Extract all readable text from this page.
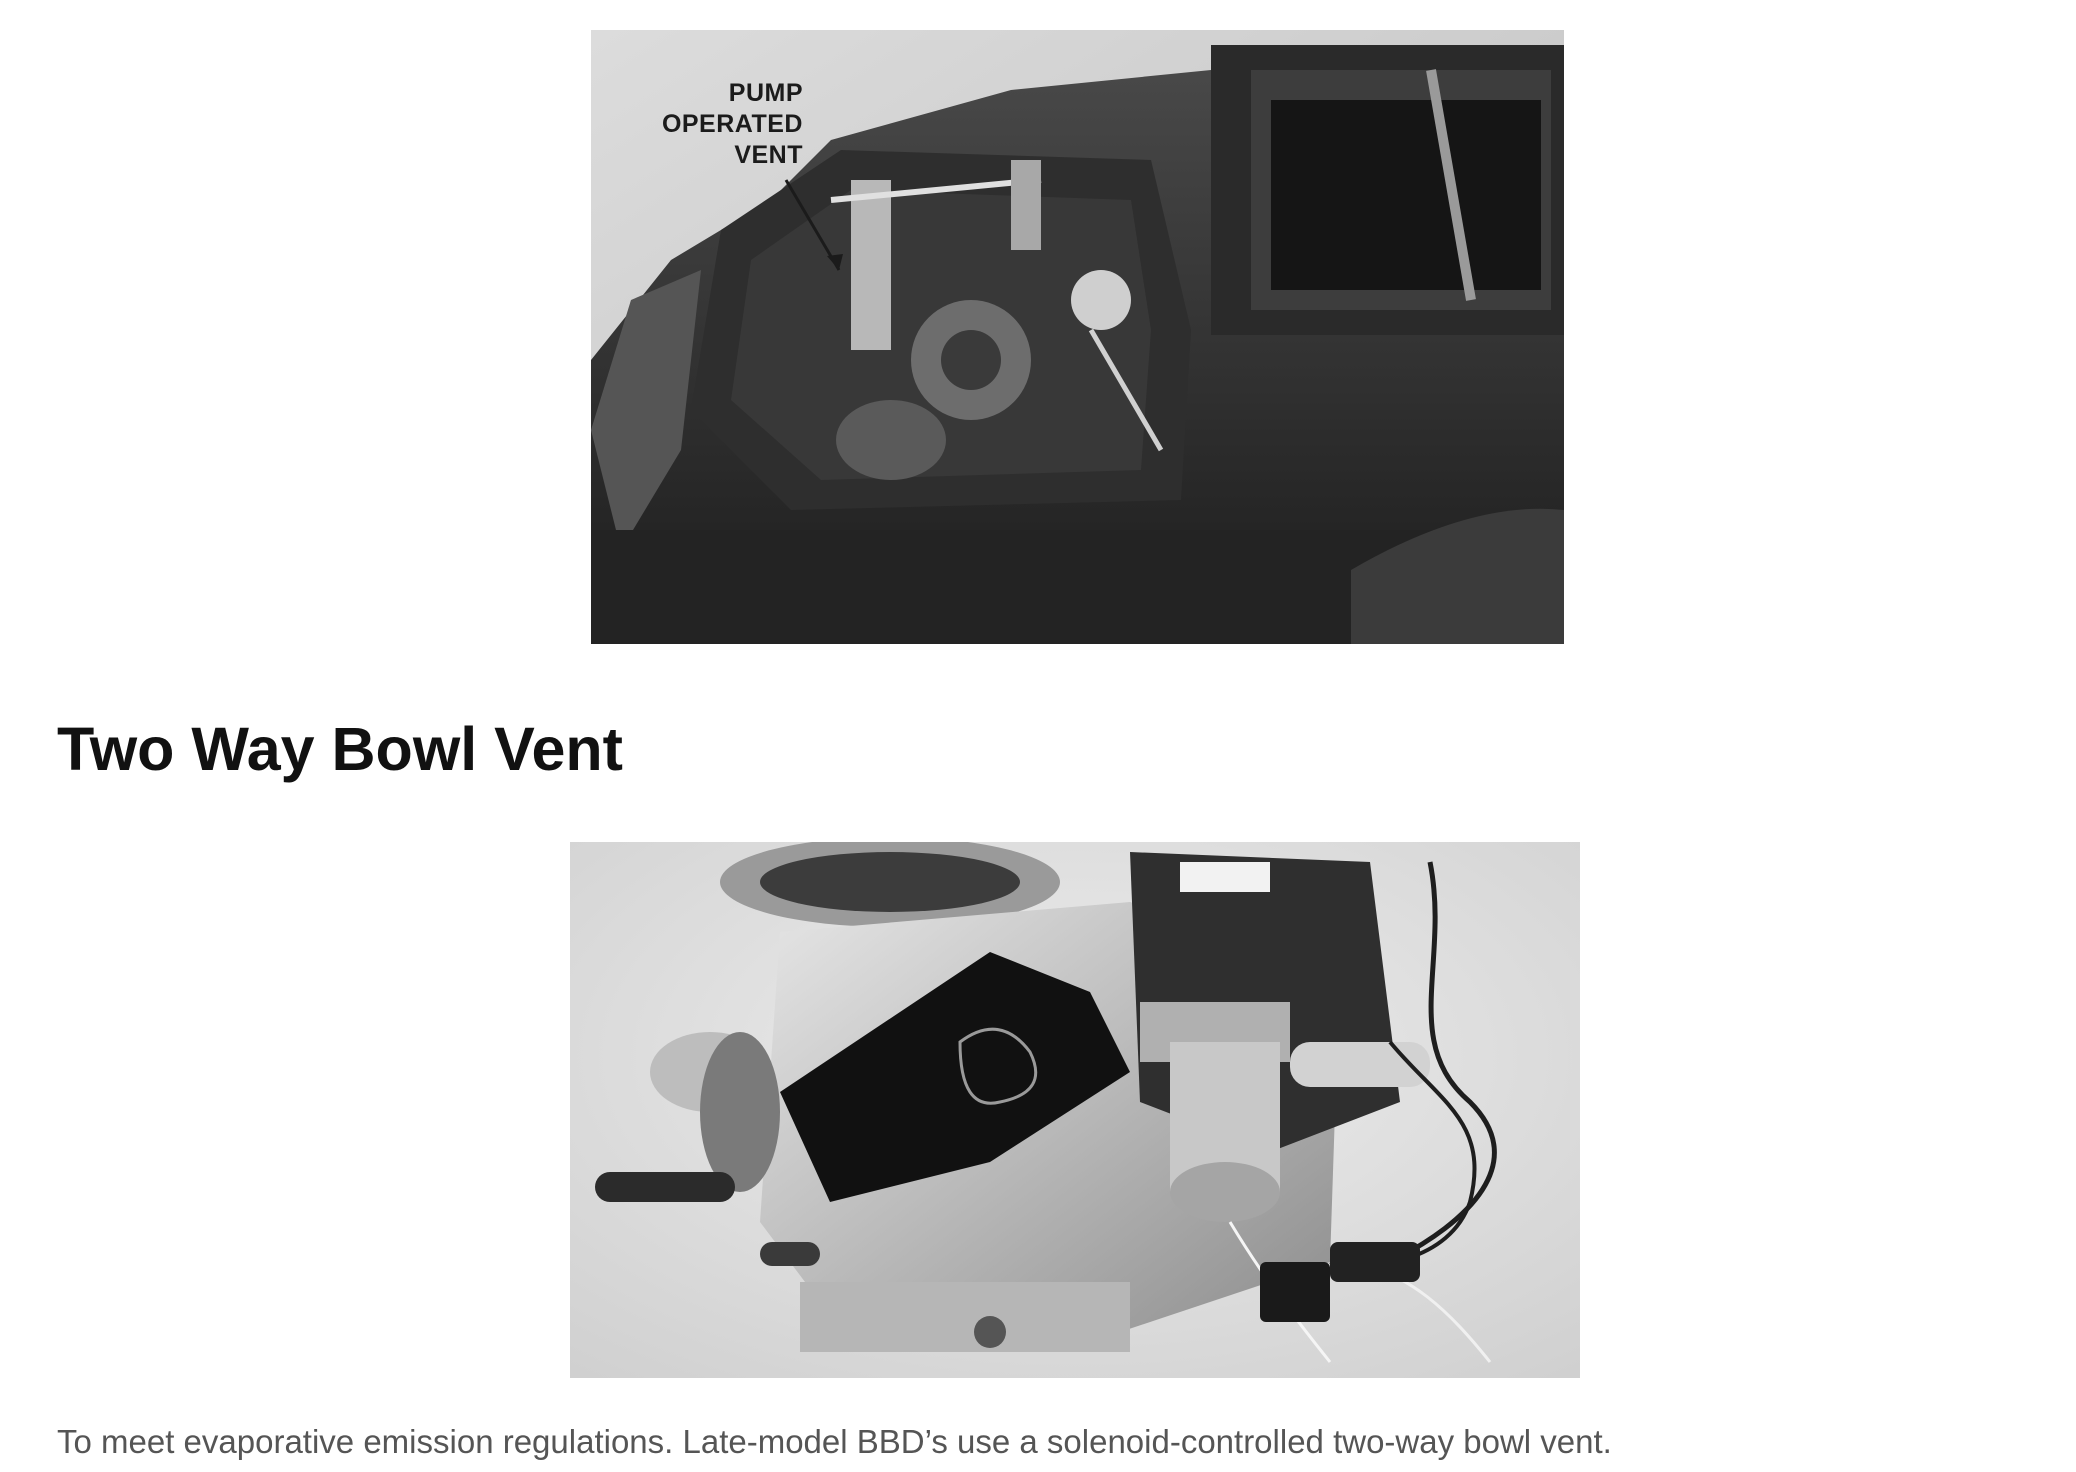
PUMP
OPERATED
VENT
Two Way Bowl Vent

To meet evaporative emission regulations. Late-model BBD’s use a solenoid-controlled two-way bowl vent.
